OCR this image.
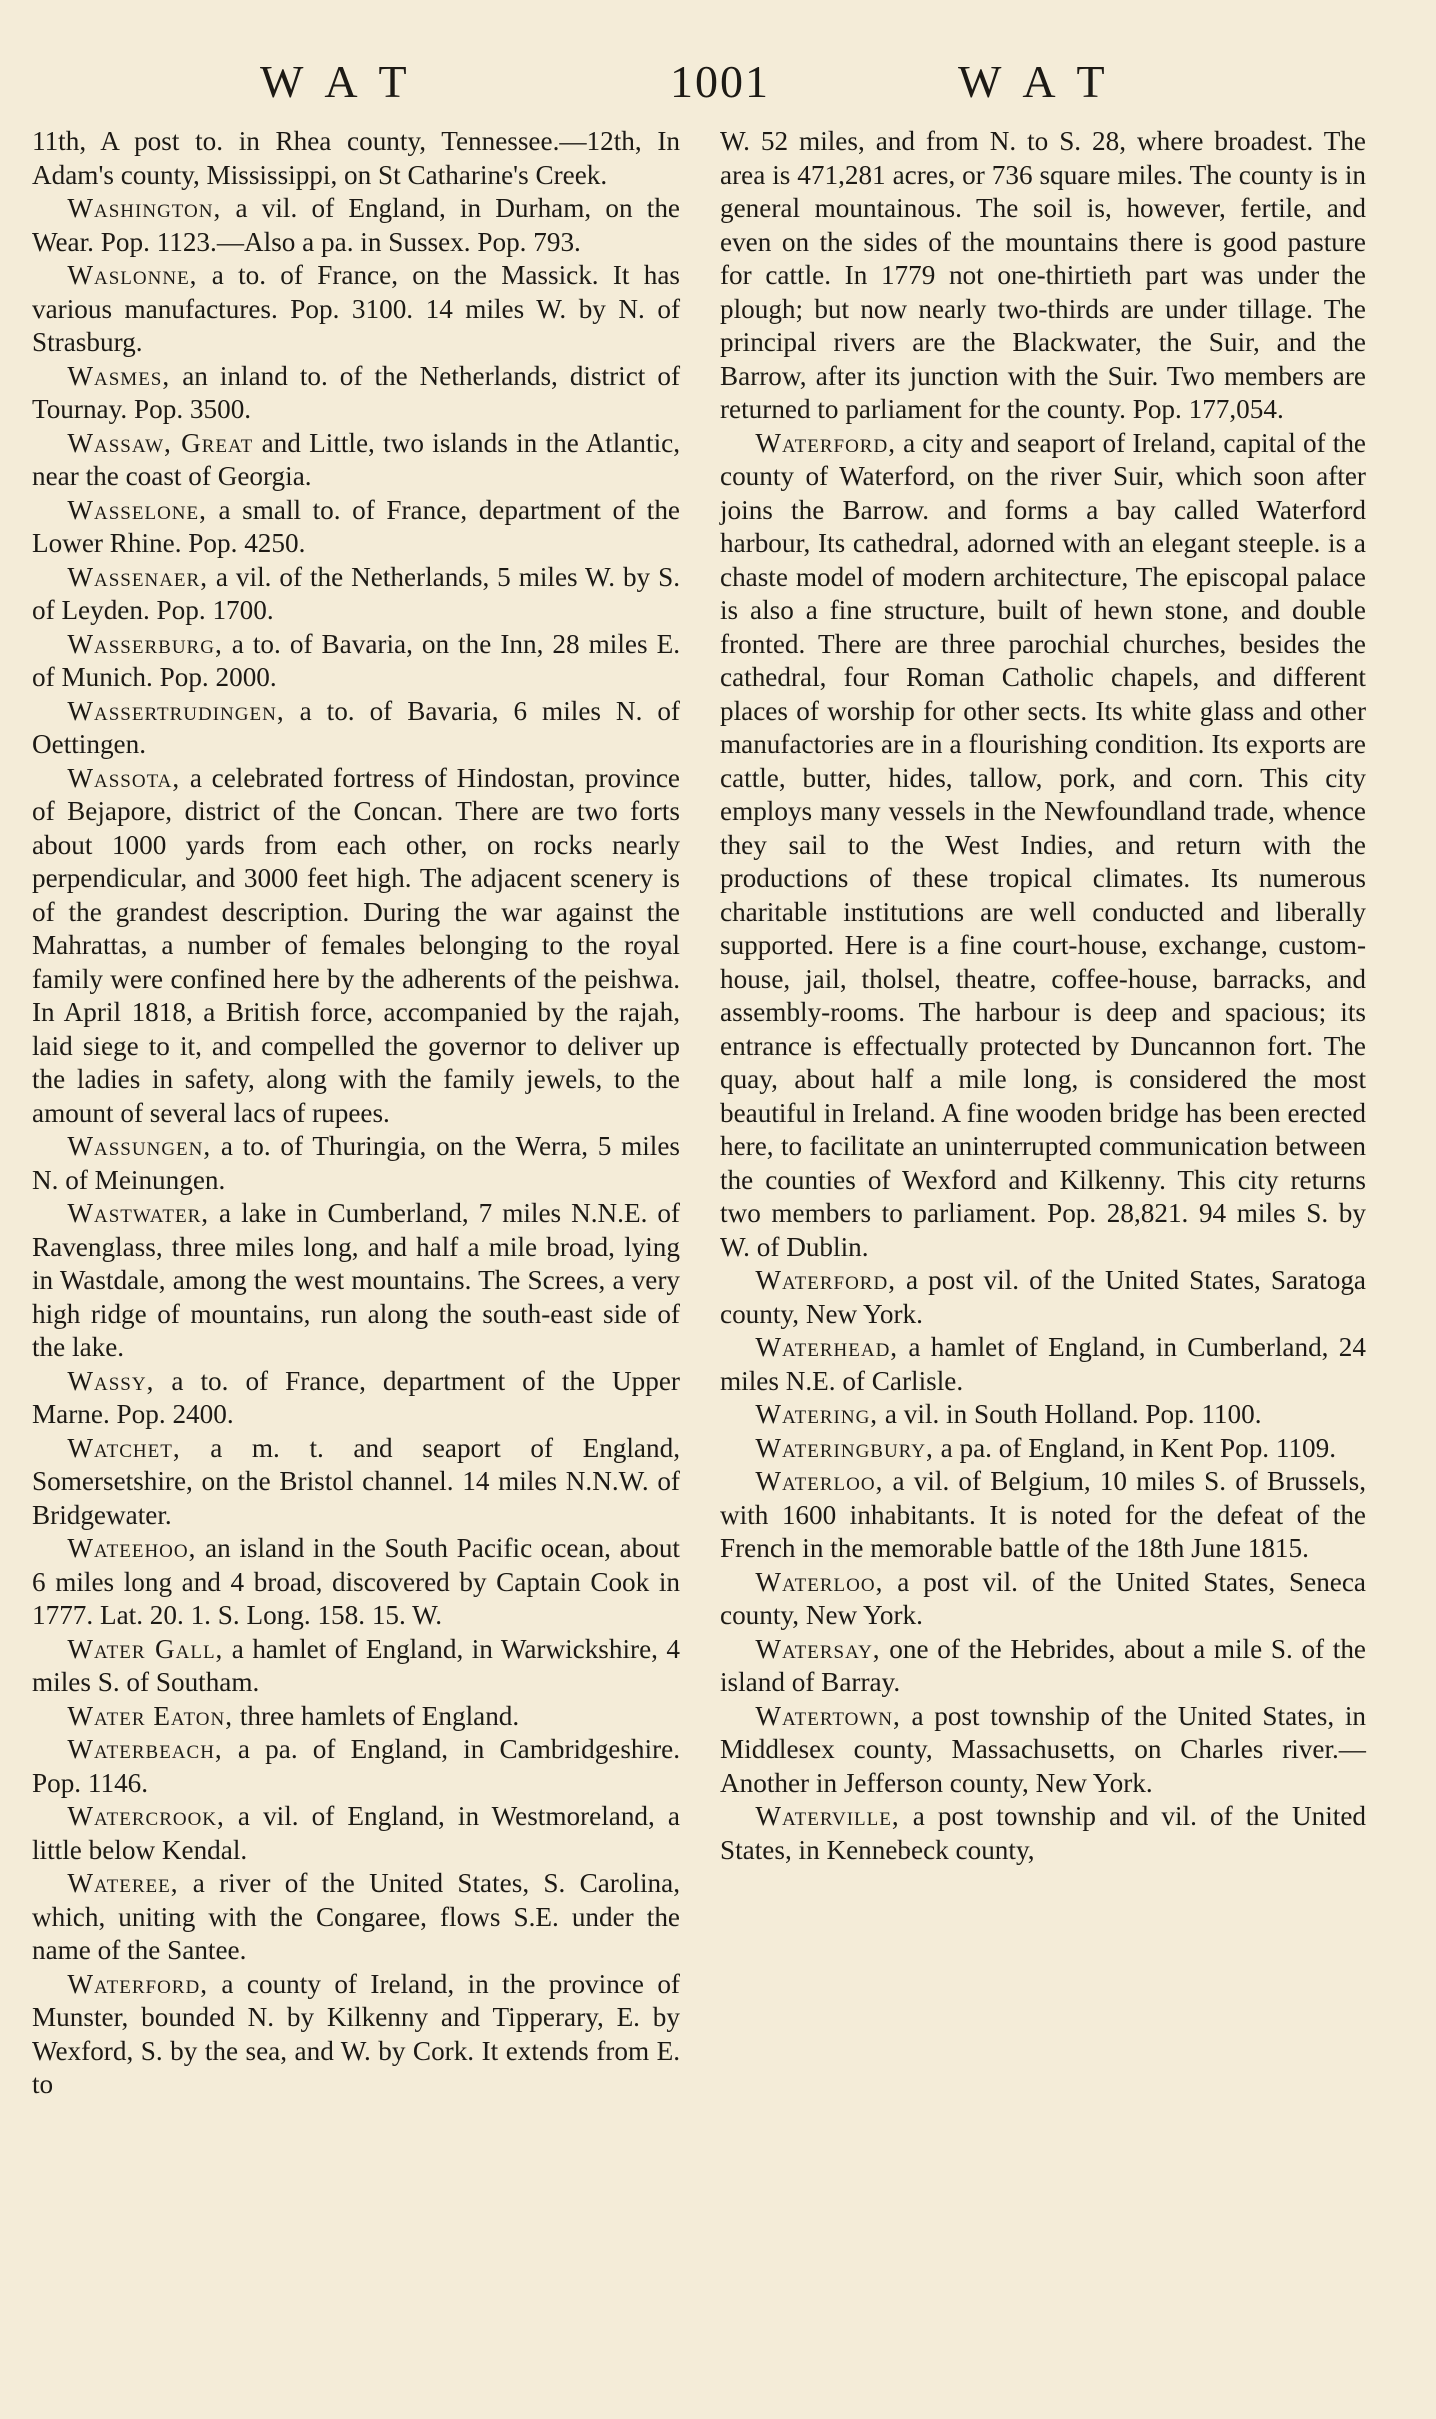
WAT	1001	WAT

11th, A post to. in Rhea county, Tennessee.—12th, In Adam's county, Mississippi, on St Catharine's Creek.

Washington, a vil. of England, in Durham, on the Wear. Pop. 1123.—Also a pa. in Sussex. Pop. 793.

Waslonne, a to. of France, on the Massick. It has various manufactures. Pop. 3100. 14 miles W. by N. of Strasburg.

Wasmes, an inland to. of the Netherlands, district of Tournay. Pop. 3500.

Wassaw, Great and Little, two islands in the Atlantic, near the coast of Georgia.

Wasselone, a small to. of France, department of the Lower Rhine. Pop. 4250.

Wassenaer, a vil. of the Netherlands, 5 miles W. by S. of Leyden. Pop. 1700.

Wasserburg, a to. of Bavaria, on the Inn, 28 miles E. of Munich. Pop. 2000.

Wassertrudingen, a to. of Bavaria, 6 miles N. of Oettingen.

Wassota, a celebrated fortress of Hindostan, province of Bejapore, district of the Concan. There are two forts about 1000 yards from each other, on rocks nearly perpendicular, and 3000 feet high. The adjacent scenery is of the grandest description. During the war against the Mahrattas, a number of females belonging to the royal family were confined here by the adherents of the peishwa. In April 1818, a British force, accompanied by the rajah, laid siege to it, and compelled the governor to deliver up the ladies in safety, along with the family jewels, to the amount of several lacs of rupees.

Wassungen, a to. of Thuringia, on the Werra, 5 miles N. of Meinungen.

Wastwater, a lake in Cumberland, 7 miles N.N.E. of Ravenglass, three miles long, and half a mile broad, lying in Wastdale, among the west mountains. The Screes, a very high ridge of mountains, run along the south-east side of the lake.

Wassy, a to. of France, department of the Upper Marne. Pop. 2400.

Watchet, a m. t. and seaport of England, Somersetshire, on the Bristol channel. 14 miles N.N.W. of Bridgewater.

Wateehoo, an island in the South Pacific ocean, about 6 miles long and 4 broad, discovered by Captain Cook in 1777. Lat. 20. 1. S. Long. 158. 15. W.

Water Gall, a hamlet of England, in Warwickshire, 4 miles S. of Southam.

Water Eaton, three hamlets of England.

Waterbeach, a pa. of England, in Cambridgeshire. Pop. 1146.

Watercrook, a vil. of England, in Westmoreland, a little below Kendal.

Wateree, a river of the United States, S. Carolina, which, uniting with the Congaree, flows S.E. under the name of the Santee.

Waterford, a county of Ireland, in the province of Munster, bounded N. by Kilkenny and Tipperary, E. by Wexford, S. by the sea, and W. by Cork. It extends from E. to

W. 52 miles, and from N. to S. 28, where broadest. The area is 471,281 acres, or 736 square miles. The county is in general mountainous. The soil is, however, fertile, and even on the sides of the mountains there is good pasture for cattle. In 1779 not one-thirtieth part was under the plough; but now nearly two-thirds are under tillage. The principal rivers are the Blackwater, the Suir, and the Barrow, after its junction with the Suir. Two members are returned to parliament for the county. Pop. 177,054.

Waterford, a city and seaport of Ireland, capital of the county of Waterford, on the river Suir, which soon after joins the Barrow. and forms a bay called Waterford harbour, Its cathedral, adorned with an elegant steeple. is a chaste model of modern architecture, The episcopal palace is also a fine structure, built of hewn stone, and double fronted. There are three parochial churches, besides the cathedral, four Roman Catholic chapels, and different places of worship for other sects. Its white glass and other manufactories are in a flourishing condition. Its exports are cattle, butter, hides, tallow, pork, and corn. This city employs many vessels in the Newfoundland trade, whence they sail to the West Indies, and return with the productions of these tropical climates. Its numerous charitable institutions are well conducted and liberally supported. Here is a fine court-house, exchange, custom-house, jail, tholsel, theatre, coffee-house, barracks, and assembly-rooms. The harbour is deep and spacious; its entrance is effectually protected by Duncannon fort. The quay, about half a mile long, is considered the most beautiful in Ireland. A fine wooden bridge has been erected here, to facilitate an uninterrupted communication between the counties of Wexford and Kilkenny. This city returns two members to parliament. Pop. 28,821. 94 miles S. by W. of Dublin.

Waterford, a post vil. of the United States, Saratoga county, New York.

Waterhead, a hamlet of England, in Cumberland, 24 miles N.E. of Carlisle.

Watering, a vil. in South Holland. Pop. 1100.

Wateringbury, a pa. of England, in Kent Pop. 1109.

Waterloo, a vil. of Belgium, 10 miles S. of Brussels, with 1600 inhabitants. It is noted for the defeat of the French in the memorable battle of the 18th June 1815.

Waterloo, a post vil. of the United States, Seneca county, New York.

Watersay, one of the Hebrides, about a mile S. of the island of Barray.

Watertown, a post township of the United States, in Middlesex county, Massachusetts, on Charles river.—Another in Jefferson county, New York.

Waterville, a post township and vil. of the United States, in Kennebeck county,
